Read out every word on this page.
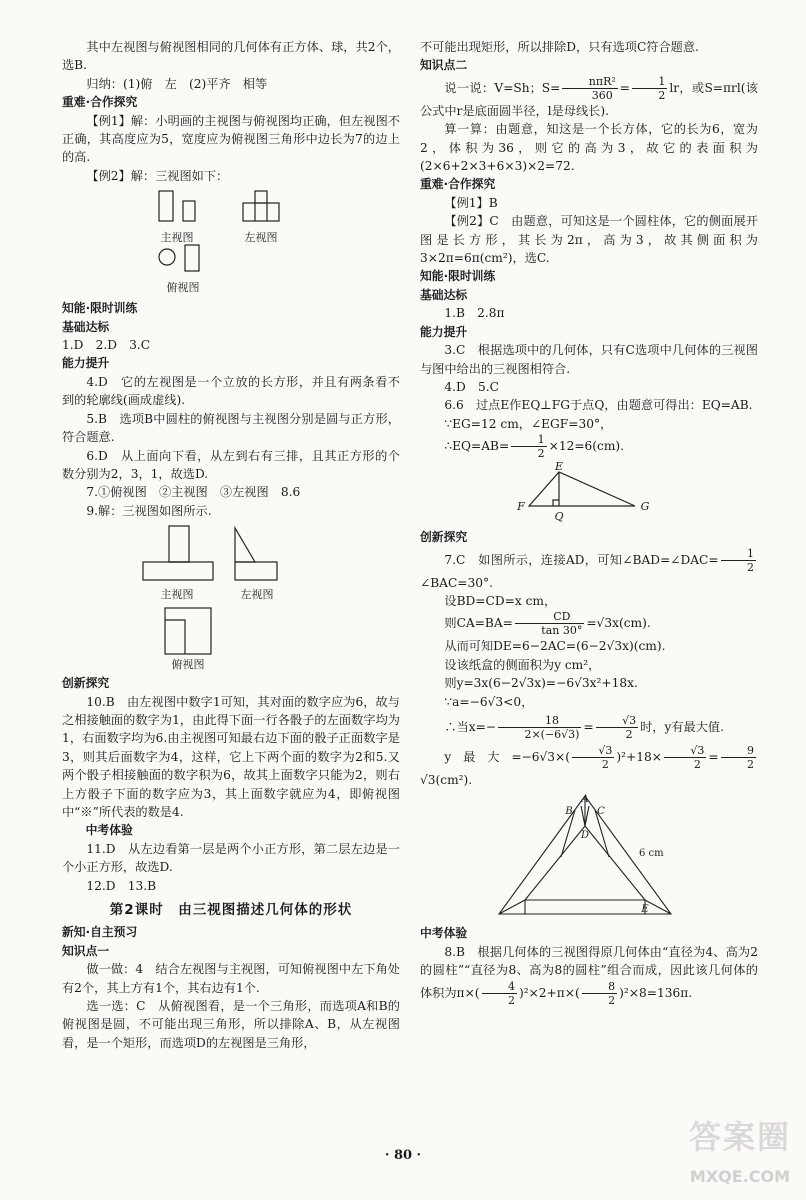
其中左视图与俯视图相同的几何体有正方体、球，共2个，选B.

归纳：(1)俯　左　(2)平齐　相等

重难·合作探究

【例1】解：小明画的主视图与俯视图均正确，但左视图不正确，其高度应为5，宽度应为俯视图三角形中边长为7的边上的高.

【例2】解：三视图如下：

主视图	左视图
俯视图

知能·限时训练

基础达标

1.D　2.D　3.C

能力提升

4.D　它的左视图是一个立放的长方形，并且有两条看不到的轮廓线(画成虚线).

5.B　选项B中圆柱的俯视图与主视图分别是圆与正方形，符合题意.

6.D　从上面向下看，从左到右有三排，且其正方形的个数分别为2，3，1，故选D.

7.①俯视图　②主视图　③左视图　8.6

9.解：三视图如图所示.

主视图	左视图
俯视图

创新探究

10.B　由左视图中数字1可知，其对面的数字应为6，故与之相接触面的数字为1，由此得下面一行各骰子的左面数字均为1，右面数字均为6.由主视图可知最右边下面的骰子正面数字是3，则其后面数字为4，这样，它上下两个面的数字为2和5.又两个骰子相接触面的数字积为6，故其上面数字只能为2，则右上方骰子下面的数字应为3，其上面数字就应为4，即俯视图中“※”所代表的数是4.

中考体验

11.D　从左边看第一层是两个小正方形，第二层左边是一个小正方形，故选D.

12.D　13.B

第2课时　由三视图描述几何体的形状

新知·自主预习

知识点一

做一做：4　结合左视图与主视图，可知俯视图中左下角处有2个，其上方有1个，其右边有1个.

选一选：C　从俯视图看，是一个三角形，而选项A和B的俯视图是圆，不可能出现三角形，所以排除A、B，从左视图看，是一个矩形，而选项D的左视图是三角形，

不可能出现矩形，所以排除D，只有选项C符合题意.

知识点二

说一说：V=Sh；$S= \frac{\text{nπR²}}{360} = \frac{1}{2}$ lr，或S=πrl(该公式中r是底面圆半径，l是母线长).

算一算：由题意，知这是一个长方体，它的长为6，宽为2，体积为36，则它的高为3，故它的表面积为(2×6+2×3+6×3)×2=72.

重难·合作探究

【例1】B

【例2】C　由题意，可知这是一个圆柱体，它的侧面展开图是长方形，其长为2π，高为3，故其侧面积为3×2π=6π(cm²)，选C.

知能·限时训练

基础达标

1.B　2.8π

能力提升

3.C　根据选项中的几何体，只有C选项中几何体的三视图与图中给出的三视图相符合.

4.D　5.C

6.6　过点E作EQ⊥FG于点Q，由题意可得出：EQ=AB.

∵EG=12 cm，∠EGF=30°，

∴EQ=AB= $\frac{1}{2} \times 12=6(cm)$.

E
F
Q
G

创新探究

7.C　如图所示，连接AD，可知∠BAD=∠DAC= $\frac{1}{2}$
∠BAC=30°.

设BD=CD=x cm，

则$CA=BA= \frac{CD}{\tan 30^\circ} =√3x(cm)$.

从而可知DE=6−2AC=(6−2√3x)(cm).

设该纸盒的侧面积为y cm²，

则y=3x(6−2√3x)=−6√3x²+18x.

∵a=−6√3<0，

∴当$x=- \frac{18}{2\times(-6√3)} = \frac{√3}{2}$ 时，y有最大值.

y最大$=-6√3\times( \frac{√3}{2} )^2+18\times \frac{√3}{2} = \frac{9}{2}$
√3(cm²).

A
B C
D
E
6 cm

中考体验

8.B　根据几何体的三视图得原几何体由“直径为4、高为2的圆柱”“直径为8、高为8的圆柱”组合而成，因此该几何体的体积为$\pi\times( \frac{4}{2} )^2\times 2+\pi\times( \frac{8}{2} )^2\times 8=136\pi$.

· 80 ·	答案圈
MXQE.COM
